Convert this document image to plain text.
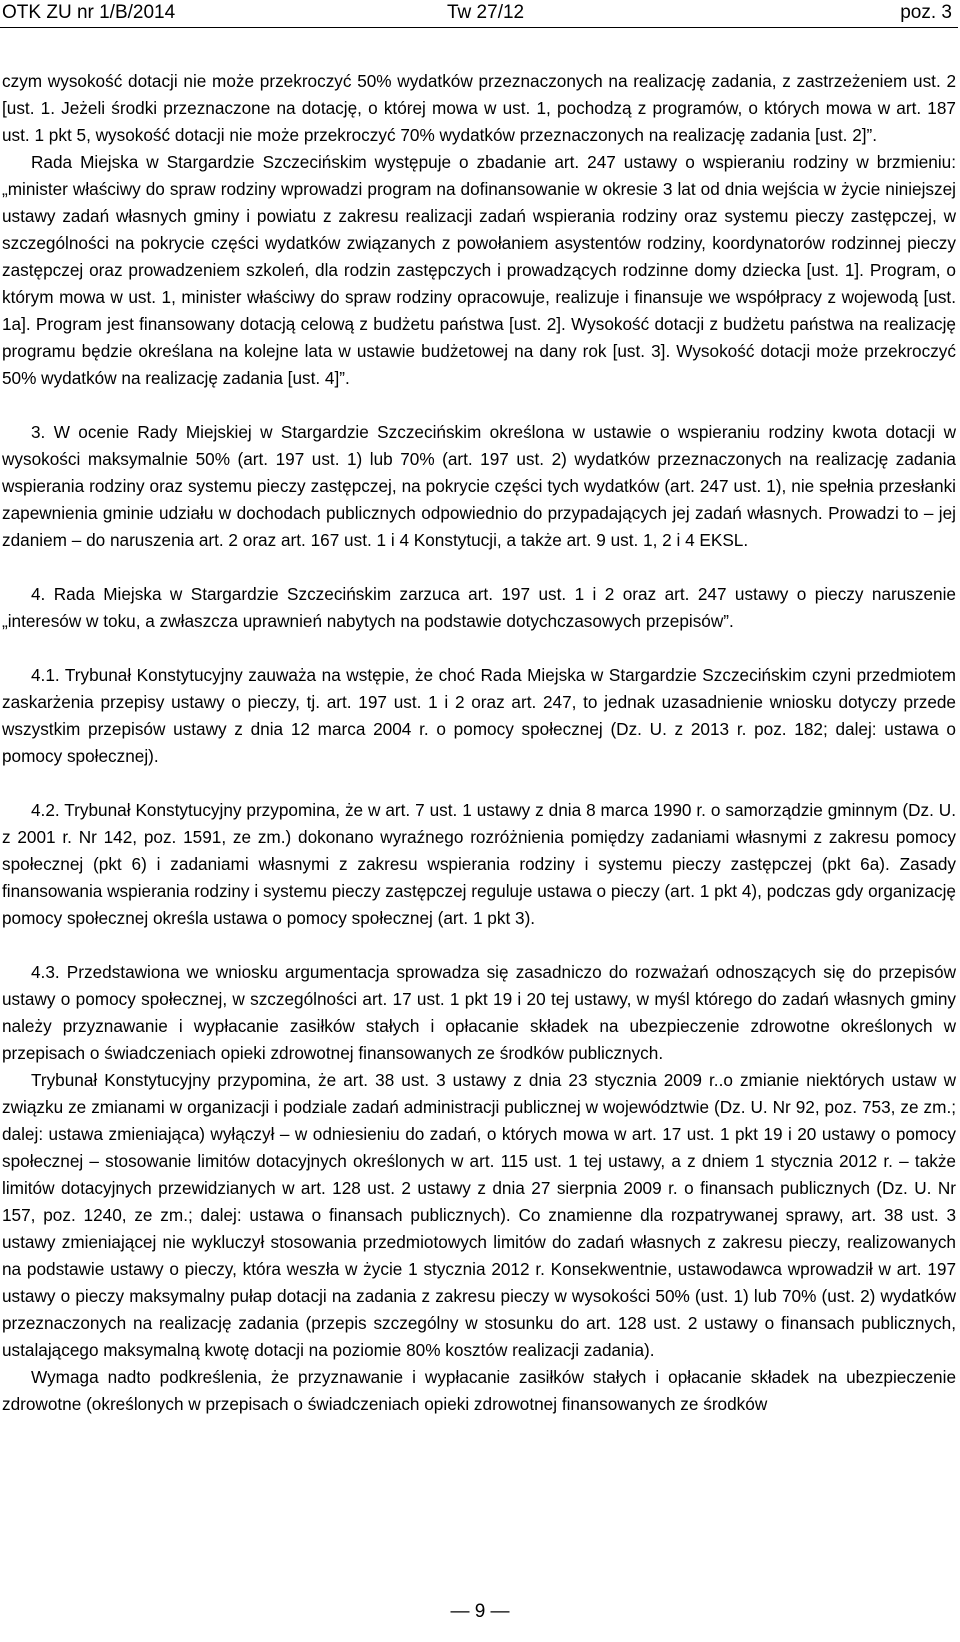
OTK ZU nr 1/B/2014	Tw 27/12	poz. 3

czym wysokość dotacji nie może przekroczyć 50% wydatków przeznaczonych na realizację zadania, z zastrzeżeniem ust. 2 [ust. 1. Jeżeli środki przeznaczone na dotację, o której mowa w ust. 1, pochodzą z programów, o których mowa w art. 187 ust. 1 pkt 5, wysokość dotacji nie może przekroczyć 70% wydatków przeznaczonych na realizację zadania [ust. 2]”.

Rada Miejska w Stargardzie Szczecińskim występuje o zbadanie art. 247 ustawy o wspieraniu rodziny w brzmieniu: „minister właściwy do spraw rodziny wprowadzi program na dofinansowanie w okresie 3 lat od dnia wejścia w życie niniejszej ustawy zadań własnych gminy i powiatu z zakresu realizacji zadań wspierania rodziny oraz systemu pieczy zastępczej, w szczególności na pokrycie części wydatków związanych z powołaniem asystentów rodziny, koordynatorów rodzinnej pieczy zastępczej oraz prowadzeniem szkoleń, dla rodzin zastępczych i prowadzących rodzinne domy dziecka [ust. 1]. Program, o którym mowa w ust. 1, minister właściwy do spraw rodziny opracowuje, realizuje i finansuje we współpracy z wojewodą [ust. 1a]. Program jest finansowany dotacją celową z budżetu państwa [ust. 2]. Wysokość dotacji z budżetu państwa na realizację programu będzie określana na kolejne lata w ustawie budżetowej na dany rok [ust. 3]. Wysokość dotacji może przekroczyć 50% wydatków na realizację zadania [ust. 4]”.

3. W ocenie Rady Miejskiej w Stargardzie Szczecińskim określona w ustawie o wspieraniu rodziny kwota dotacji w wysokości maksymalnie 50% (art. 197 ust. 1) lub 70% (art. 197 ust. 2) wydatków przeznaczonych na realizację zadania wspierania rodziny oraz systemu pieczy zastępczej, na pokrycie części tych wydatków (art. 247 ust. 1), nie spełnia przesłanki zapewnienia gminie udziału w dochodach publicznych odpowiednio do przypadających jej zadań własnych. Prowadzi to – jej zdaniem – do naruszenia art. 2 oraz art. 167 ust. 1 i 4 Konstytucji, a także art. 9 ust. 1, 2 i 4 EKSL.

4. Rada Miejska w Stargardzie Szczecińskim zarzuca art. 197 ust. 1 i 2 oraz art. 247 ustawy o pieczy naruszenie „interesów w toku, a zwłaszcza uprawnień nabytych na podstawie dotychczasowych przepisów”.

4.1. Trybunał Konstytucyjny zauważa na wstępie, że choć Rada Miejska w Stargardzie Szczecińskim czyni przedmiotem zaskarżenia przepisy ustawy o pieczy, tj. art. 197 ust. 1 i 2 oraz art. 247, to jednak uzasadnienie wniosku dotyczy przede wszystkim przepisów ustawy z dnia 12 marca 2004 r. o pomocy społecznej (Dz. U. z 2013 r. poz. 182; dalej: ustawa o pomocy społecznej).

4.2. Trybunał Konstytucyjny przypomina, że w art. 7 ust. 1 ustawy z dnia 8 marca 1990 r. o samorządzie gminnym (Dz. U. z 2001 r. Nr 142, poz. 1591, ze zm.) dokonano wyraźnego rozróżnienia pomiędzy zadaniami własnymi z zakresu pomocy społecznej (pkt 6) i zadaniami własnymi z zakresu wspierania rodziny i systemu pieczy zastępczej (pkt 6a). Zasady finansowania wspierania rodziny i systemu pieczy zastępczej reguluje ustawa o pieczy (art. 1 pkt 4), podczas gdy organizację pomocy społecznej określa ustawa o pomocy społecznej (art. 1 pkt 3).

4.3. Przedstawiona we wniosku argumentacja sprowadza się zasadniczo do rozważań odnoszących się do przepisów ustawy o pomocy społecznej, w szczególności art. 17 ust. 1 pkt 19 i 20 tej ustawy, w myśl którego do zadań własnych gminy należy przyznawanie i wypłacanie zasiłków stałych i opłacanie składek na ubezpieczenie zdrowotne określonych w przepisach o świadczeniach opieki zdrowotnej finansowanych ze środków publicznych.

Trybunał Konstytucyjny przypomina, że art. 38 ust. 3 ustawy z dnia 23 stycznia 2009 r..o zmianie niektórych ustaw w związku ze zmianami w organizacji i podziale zadań administracji publicznej w województwie (Dz. U. Nr 92, poz. 753, ze zm.; dalej: ustawa zmieniająca) wyłączył – w odniesieniu do zadań, o których mowa w art. 17 ust. 1 pkt 19 i 20 ustawy o pomocy społecznej – stosowanie limitów dotacyjnych określonych w art. 115 ust. 1 tej ustawy, a z dniem 1 stycznia 2012 r. – także limitów dotacyjnych przewidzianych w art. 128 ust. 2 ustawy z dnia 27 sierpnia 2009 r. o finansach publicznych (Dz. U. Nr 157, poz. 1240, ze zm.; dalej: ustawa o finansach publicznych). Co znamienne dla rozpatrywanej sprawy, art. 38 ust. 3 ustawy zmieniającej nie wykluczył stosowania przedmiotowych limitów do zadań własnych z zakresu pieczy, realizowanych na podstawie ustawy o pieczy, która weszła w życie 1 stycznia 2012 r. Konsekwentnie, ustawodawca wprowadził w art. 197 ustawy o pieczy maksymalny pułap dotacji na zadania z zakresu pieczy w wysokości 50% (ust. 1) lub 70% (ust. 2) wydatków przeznaczonych na realizację zadania (przepis szczególny w stosunku do art. 128 ust. 2 ustawy o finansach publicznych, ustalającego maksymalną kwotę dotacji na poziomie 80% kosztów realizacji zadania).

Wymaga nadto podkreślenia, że przyznawanie i wypłacanie zasiłków stałych i opłacanie składek na ubezpieczenie zdrowotne (określonych w przepisach o świadczeniach opieki zdrowotnej finansowanych ze środków

— 9 —
